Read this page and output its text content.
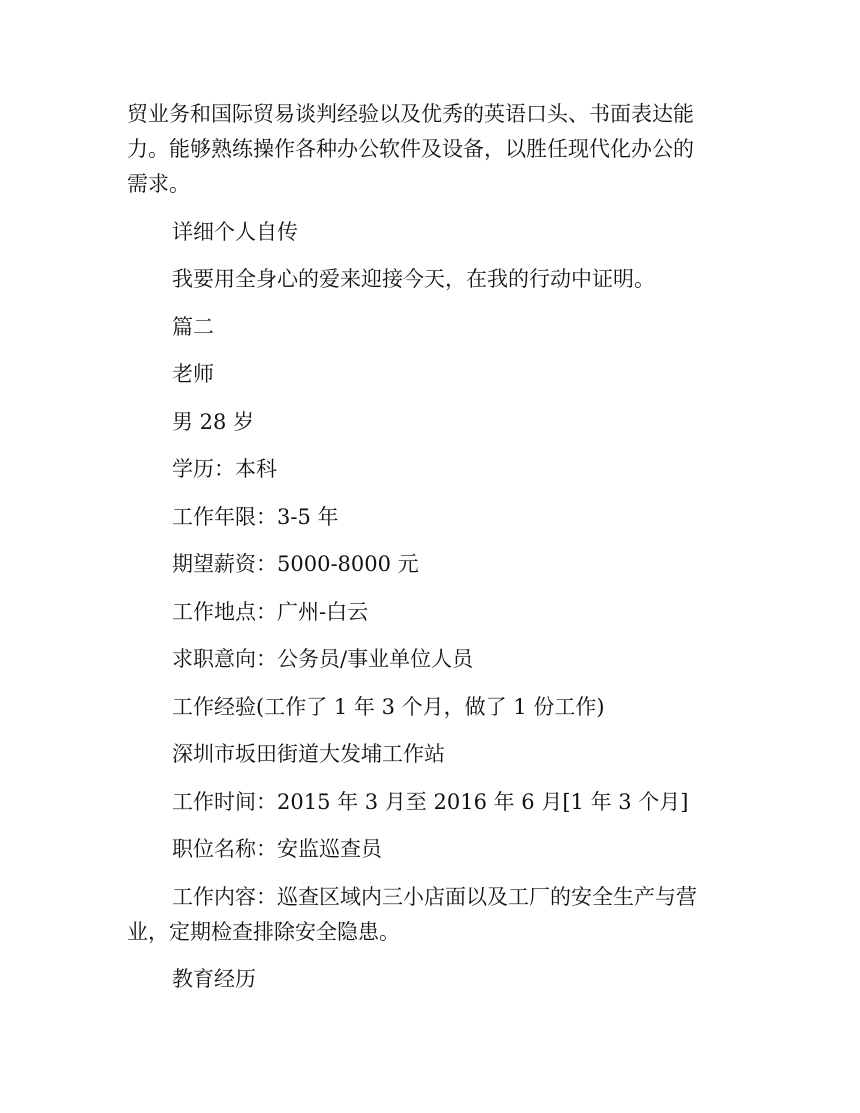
贸业务和国际贸易谈判经验以及优秀的英语口头、书面表达能

力。能够熟练操作各种办公软件及设备，以胜任现代化办公的

需求。

详细个人自传

我要用全身心的爱来迎接今天，在我的行动中证明。

篇二

老师

男 28 岁

学历：本科

工作年限：3-5 年

期望薪资：5000-8000 元

工作地点：广州-白云

求职意向：公务员/事业单位人员

工作经验(工作了 1 年 3 个月，做了 1 份工作)

深圳市坂田街道大发埔工作站

工作时间：2015 年 3 月至 2016 年 6 月[1 年 3 个月]

职位名称：安监巡查员

工作内容：巡查区域内三小店面以及工厂的安全生产与营

业，定期检查排除安全隐患。

教育经历
